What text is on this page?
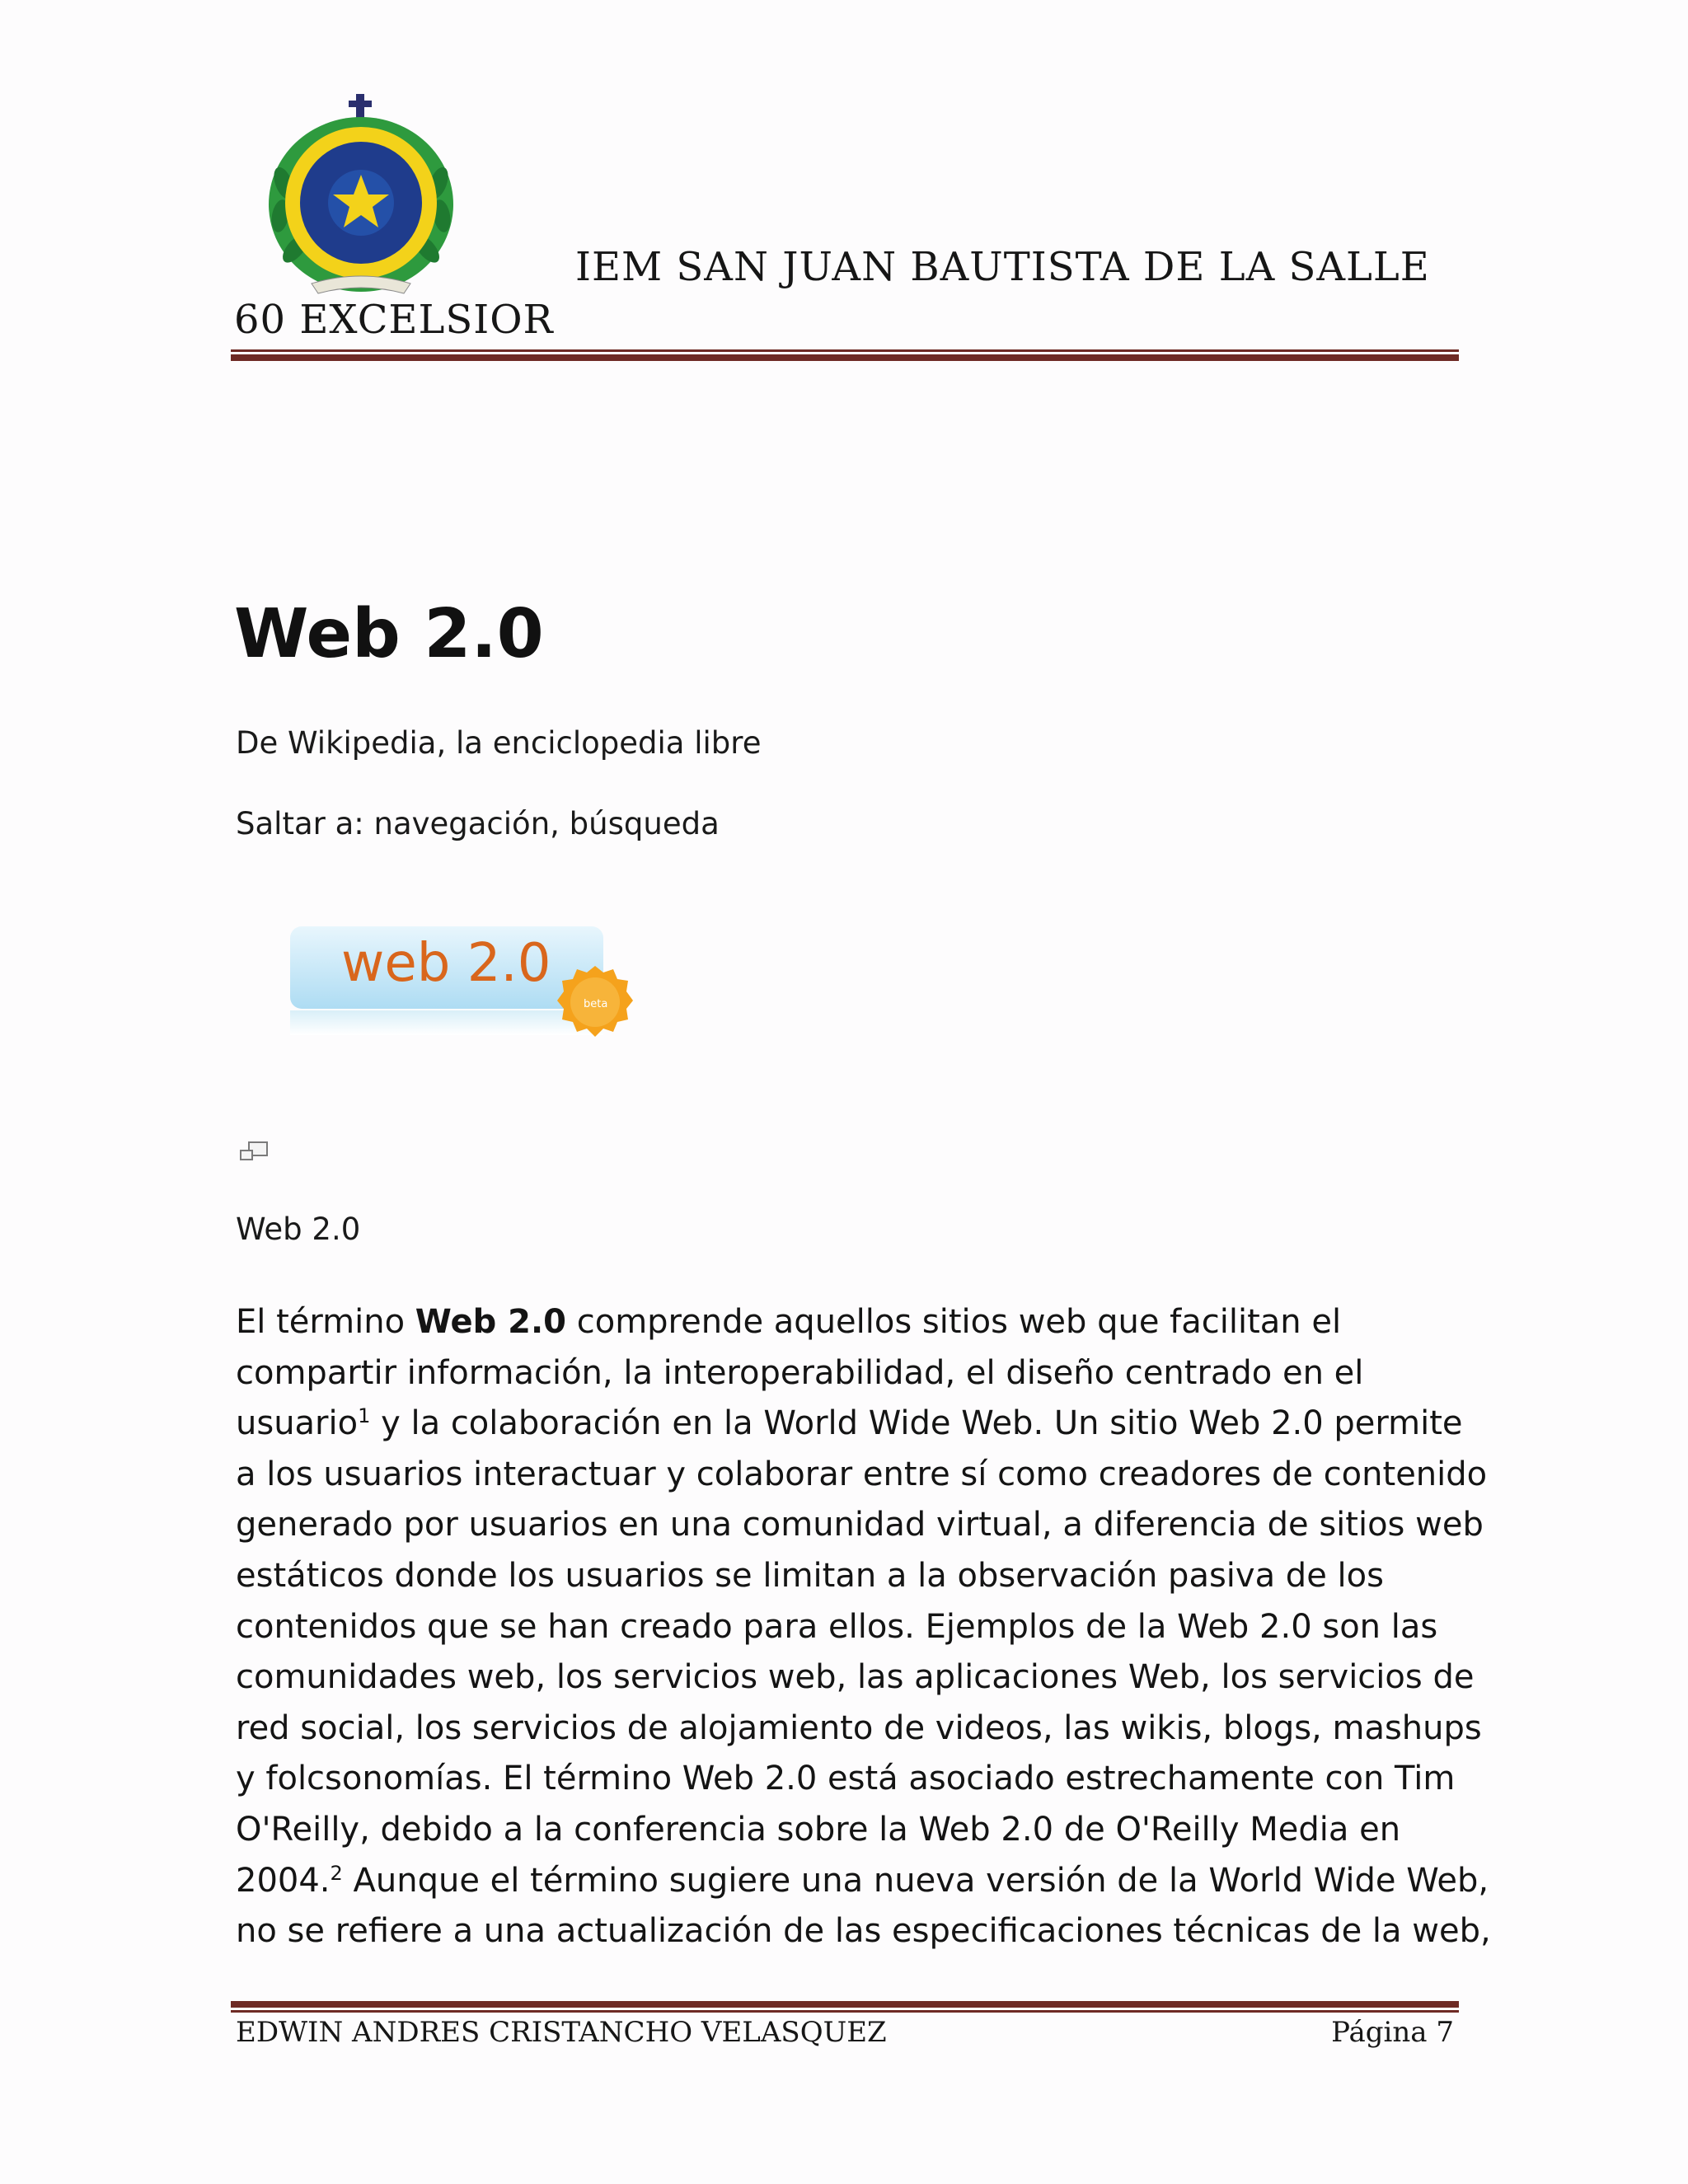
IEM SAN JUAN BAUTISTA DE LA SALLE
60 EXCELSIOR
Web 2.0
De Wikipedia, la enciclopedia libre
Saltar a: navegación, búsqueda
web 2.0
beta
Web 2.0
El término Web 2.0 comprende aquellos sitios web que facilitan el
compartir información, la interoperabilidad, el diseño centrado en el
usuario$^1$ y la colaboración en la World Wide Web. Un sitio Web 2.0 permite
a los usuarios interactuar y colaborar entre sí como creadores de contenido
generado por usuarios en una comunidad virtual, a diferencia de sitios web
estáticos donde los usuarios se limitan a la observación pasiva de los
contenidos que se han creado para ellos. Ejemplos de la Web 2.0 son las
comunidades web, los servicios web, las aplicaciones Web, los servicios de
red social, los servicios de alojamiento de videos, las wikis, blogs, mashups
y folcsonomías. El término Web 2.0 está asociado estrechamente con Tim
O'Reilly, debido a la conferencia sobre la Web 2.0 de O'Reilly Media en
2004.$^2$ Aunque el término sugiere una nueva versión de la World Wide Web,
no se refiere a una actualización de las especificaciones técnicas de la web,
EDWIN ANDRES CRISTANCHO VELASQUEZ	Página 7
